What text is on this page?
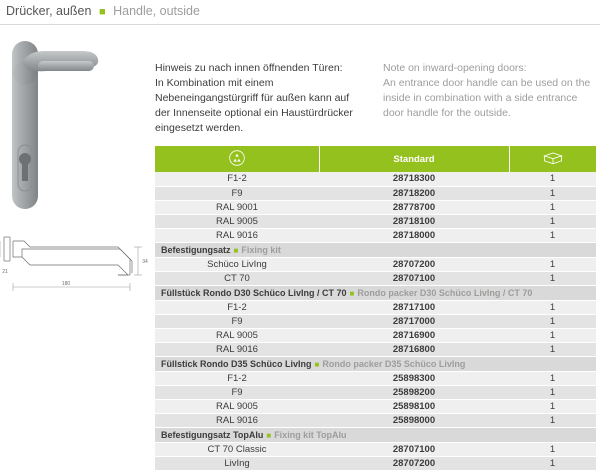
Drücker, außen ■ Handle, outside
180
34
21
Hinweis zu nach innen öffnenden Türen:
In Kombination mit einem Nebeneingangstürgriff für außen kann auf der Innenseite optional ein Haustürdrücker eingesetzt werden.
Note on inward-opening doors:
An entrance door handle can be used on the inside in combination with a side entrance door handle for the outside.
	Standard	
F1-2	28718300	1
F9	28718200	1
RAL 9001	28778700	1
RAL 9005	28718100	1
RAL 9016	28718000	1
Befestigungsatz ■ Fixing kit		
Schüco LivIng	28707200	1
CT 70	28707100	1
Füllstück Rondo D30 Schüco LivIng / CT 70 ■ Rondo packer D30 Schüco LivIng / CT 70		
F1-2	28717100	1
F9	28717000	1
RAL 9005	28716900	1
RAL 9016	28716800	1
Füllstick Rondo D35 Schüco LivIng ■ Rondo packer D35 Schüco LivIng		
F1-2	25898300	1
F9	25898200	1
RAL 9005	25898100	1
RAL 9016	25898000	1
Befestigungsatz TopAlu ■ Fixing kit TopAlu		
CT 70 Classic	28707100	1
LivIng	28707200	1
